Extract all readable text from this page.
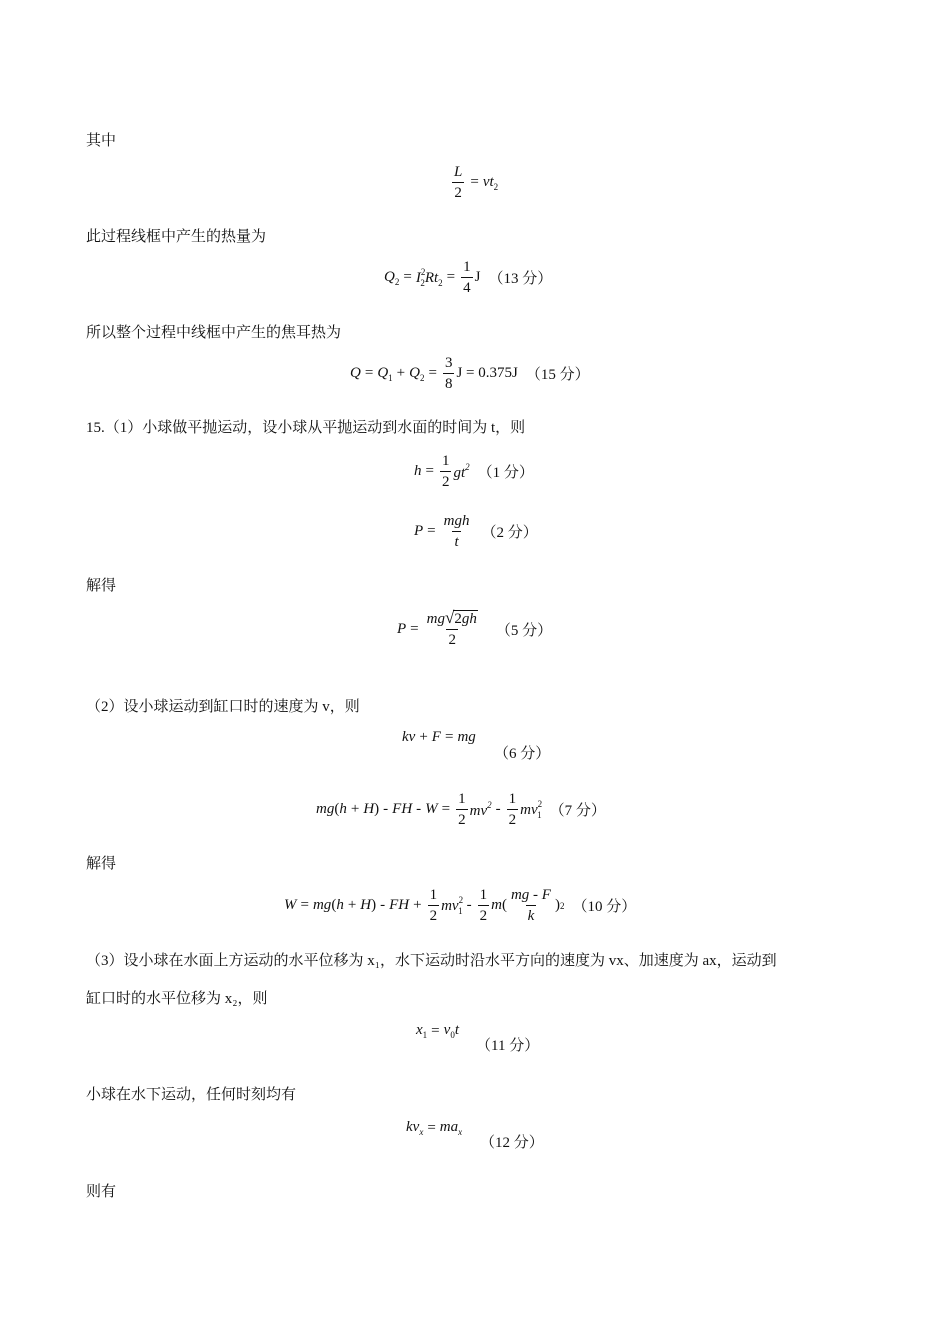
其中
$\frac{L}{2} = vt_2$
此过程线框中产生的热量为
$Q_2 = I^2_2Rt_2 = \frac{1}{4}$ J （13 分）
所以整个过程中线框中产生的焦耳热为
$Q = Q_1 + Q_2 = \frac{3}{8}$ J = 0.375J （15 分）
15.（1）小球做平抛运动，设小球从平抛运动到水面的时间为 t，则
$h = \frac{1}{2} gt^2$ （1 分）
$P = \frac{\text{mgh}}{t} (2$ 分）
解得
$P = \frac{mg √ 2gh}{2} (5$ 分）
（2）设小球运动到缸口时的速度为 v，则
kv + F = mg
（6 分）
mg ( h + H ) - FH - $W = \frac{1}{2} mv^2 - \frac{1}{2} mv^2_1$ （7 分）
解得
W = mg ( h + H ) - FH + $\frac{1}{2} mv^2_1 - \frac{1}{2}$ m ( $\frac{mg - F}{k}$ ) 2 （10 分）
（3）设小球在水面上方运动的水平位移为 x₁，水下运动时沿水平方向的速度为 vx、加速度为 ax，运动到
缸口时的水平位移为 x₂，则
$x_1 = v_0t$
（11 分）
小球在水下运动，任何时刻均有
$kv_x = ma_x$
（12 分）
则有
